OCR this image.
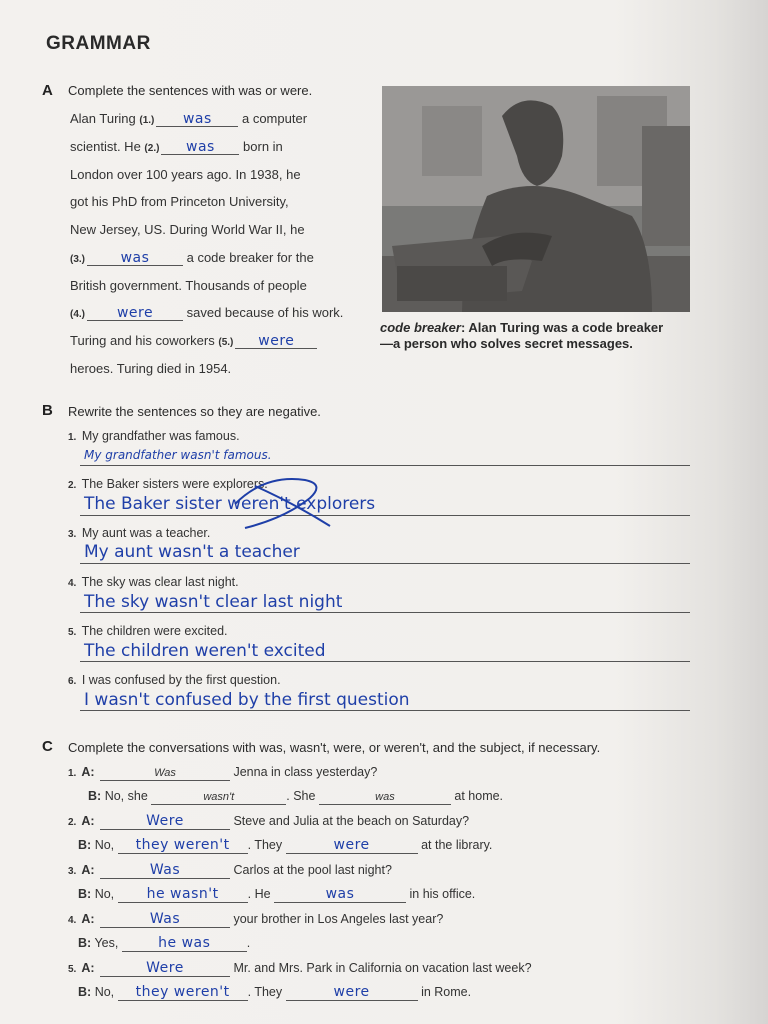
GRAMMAR
A Complete the sentences with was or were.
Alan Turing (1.) was a computer
scientist. He (2.) was born in
London over 100 years ago. In 1938, he
got his PhD from Princeton University,
New Jersey, US. During World War II, he
(3.)	was	a code breaker for the
British government. Thousands of people
(4.) were saved because of his work.
Turing and his coworkers (5.) were
heroes. Turing died in 1954.
code breaker: Alan Turing was a code breaker—a person who solves secret messages.
B Rewrite the sentences so they are negative.
1. My grandfather was famous.
My grandfather wasn't famous.
2. The Baker sisters were explorers.
The Baker sister weren't explorers
3. My aunt was a teacher.
My aunt wasn't a teacher
4. The sky was clear last night.
The sky wasn't clear last night
5. The children were excited.
The children weren't excited
6. I was confused by the first question.
I wasn't confused by the first question
C Complete the conversations with was, wasn't, were, or weren't, and the subject, if necessary.
1. A:	Was	Jenna in class yesterday?
B: No, she	wasn't	. She	was	at home.
2. A:	Were	Steve and Julia at the beach on Saturday?
B: No, they weren't . They	were	at the library.
3. A:	Was	Carlos at the pool last night?
B: No, he wasn't . He	was	in his office.
4. A:	Was	your brother in Los Angeles last year?
B: Yes,	he was	.
5. A:	Were	Mr. and Mrs. Park in California on vacation last week?
B: No, they weren't . They	were	in Rome.
